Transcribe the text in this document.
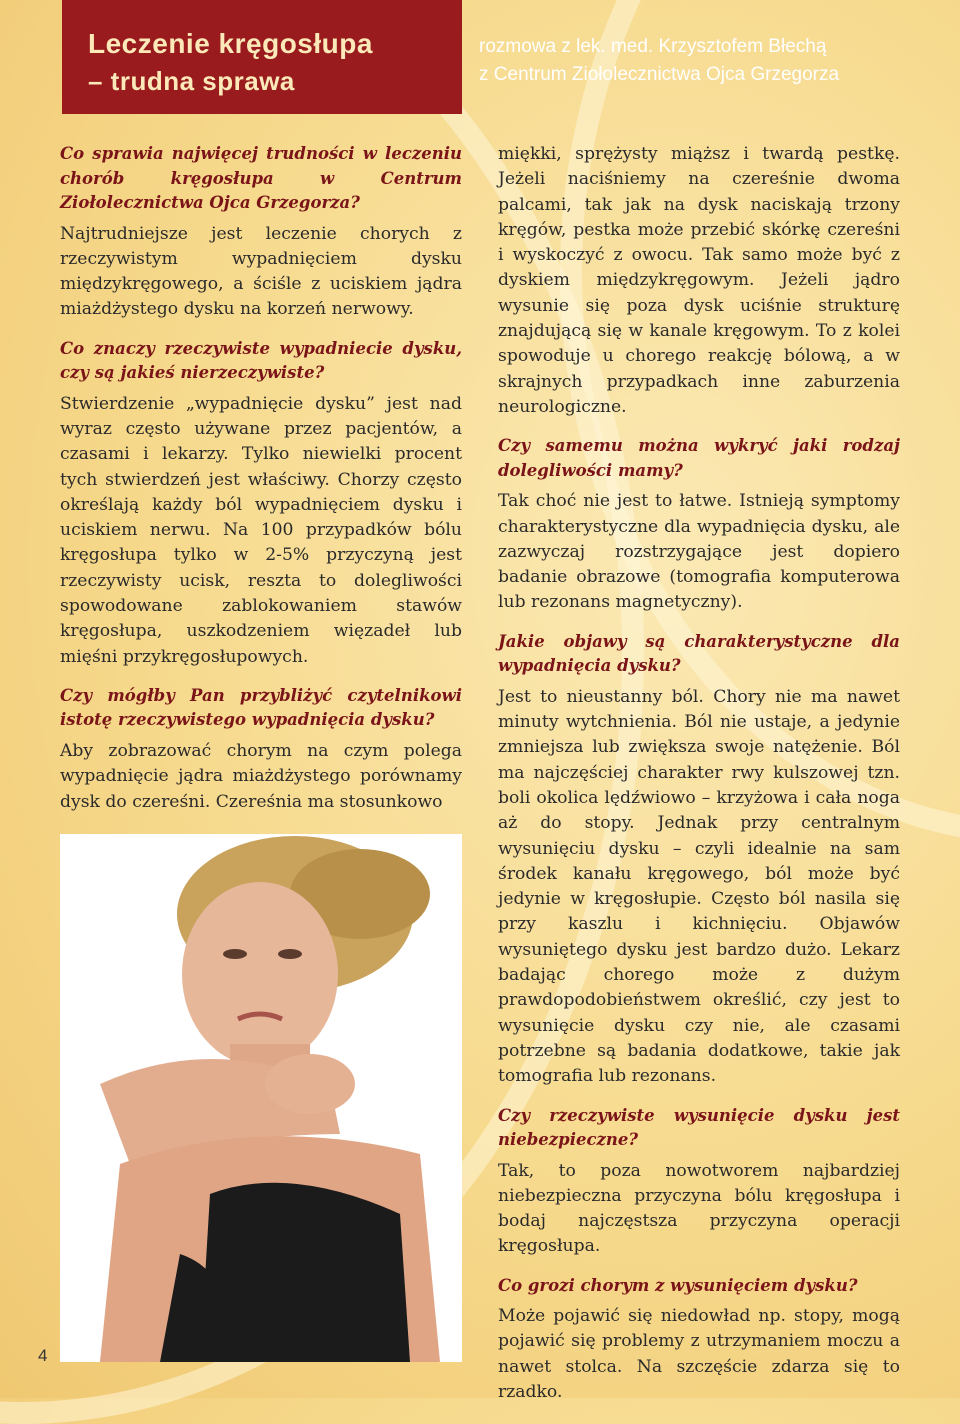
Leczenie kręgosłupa
– trudna sprawa
rozmowa z lek. med. Krzysztofem Błechą
z Centrum Ziołolecznictwa Ojca Grzegorza

Co sprawia najwięcej trudności w leczeniu chorób kręgosłupa w Centrum Ziołolecznictwa Ojca Grzegorza?

Najtrudniejsze jest leczenie chorych z rzeczywistym wypadnięciem dysku międzykręgowego, a ściśle z uciskiem jądra miażdżystego dysku na korzeń nerwowy.

Co znaczy rzeczywiste wypadniecie dysku, czy są jakieś nierzeczywiste?

Stwierdzenie „wypadnięcie dysku” jest nad wyraz często używane przez pacjentów, a czasami i lekarzy. Tylko niewielki procent tych stwierdzeń jest właściwy. Chorzy często określają każdy ból wypadnięciem dysku i uciskiem nerwu. Na 100 przypadków bólu kręgosłupa tylko w 2-5% przyczyną jest rzeczywisty ucisk, reszta to dolegliwości spowodowane zablokowaniem stawów kręgosłupa, uszkodzeniem więzadeł lub mięśni przykręgosłupowych.

Czy mógłby Pan przybliżyć czytelnikowi istotę rzeczywistego wypadnięcia dysku?

Aby zobrazować chorym na czym polega wypadnięcie jądra miażdżystego porównamy dysk do czereśni. Czereśnia ma stosunkowo

miękki, sprężysty miąższ i twardą pestkę. Jeżeli naciśniemy na czereśnie dwoma palcami, tak jak na dysk naciskają trzony kręgów, pestka może przebić skórkę czereśni i wyskoczyć z owocu. Tak samo może być z dyskiem międzykręgowym. Jeżeli jądro wysunie się poza dysk uciśnie strukturę znajdującą się w kanale kręgowym. To z kolei spowoduje u chorego reakcję bólową, a w skrajnych przypadkach inne zaburzenia neurologiczne.

Czy samemu można wykryć jaki rodzaj dolegliwości mamy?

Tak choć nie jest to łatwe. Istnieją symptomy charakterystyczne dla wypadnięcia dysku, ale zazwyczaj rozstrzygające jest dopiero badanie obrazowe (tomografia komputerowa lub rezonans magnetyczny).

Jakie objawy są charakterystyczne dla wypadnięcia dysku?

Jest to nieustanny ból. Chory nie ma nawet minuty wytchnienia. Ból nie ustaje, a jedynie zmniejsza lub zwiększa swoje natężenie. Ból ma najczęściej charakter rwy kulszowej tzn. boli okolica lędźwiowo – krzyżowa i cała noga aż do stopy. Jednak przy centralnym wysunięciu dysku – czyli idealnie na sam środek kanału kręgowego, ból może być jedynie w kręgosłupie. Często ból nasila się przy kaszlu i kichnięciu. Objawów wysuniętego dysku jest bardzo dużo. Lekarz badając chorego może z dużym prawdopodobieństwem określić, czy jest to wysunięcie dysku czy nie, ale czasami potrzebne są badania dodatkowe, takie jak tomografia lub rezonans.

Czy rzeczywiste wysunięcie dysku jest niebezpieczne?

Tak, to poza nowotworem najbardziej niebezpieczna przyczyna bólu kręgosłupa i bodaj najczęstsza przyczyna operacji kręgosłupa.

Co grozi chorym z wysunięciem dysku?

Może pojawić się niedowład np. stopy, mogą pojawić się problemy z utrzymaniem moczu a nawet stolca. Na szczęście zdarza się to rzadko.

4
